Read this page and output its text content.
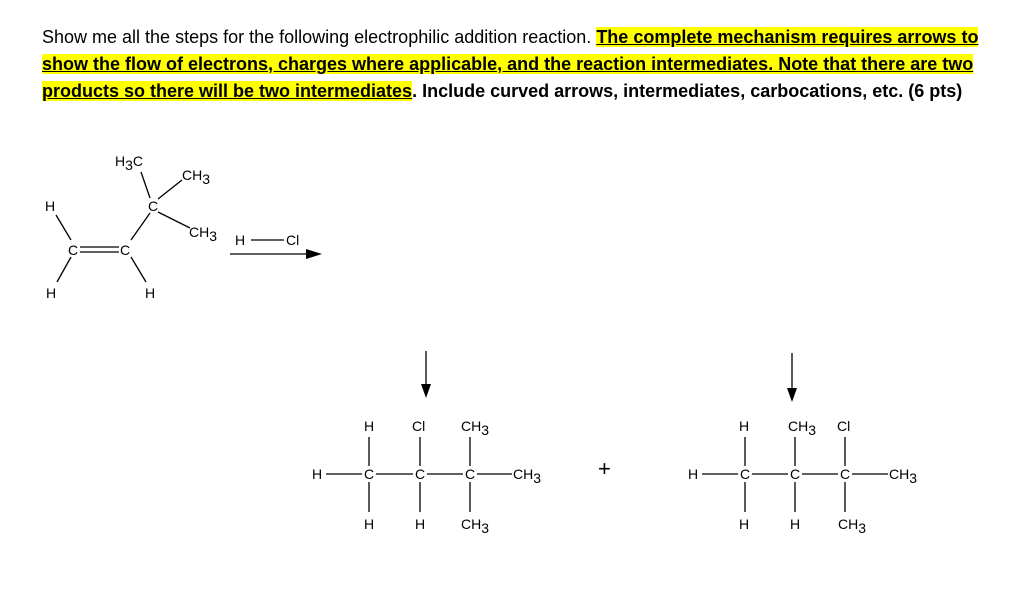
Show me all the steps for the following electrophilic addition reaction. The complete mechanism requires arrows to show the flow of electrons, charges where applicable, and the reaction intermediates. Note that there are two products so there will be two intermediates. Include curved arrows, intermediates, carbocations, etc. (6 pts)
H3C
CH3
C
CH3
H
C	C
H	H
H	Cl
H	C	C	C	CH3
H	Cl	CH3
H	H	CH3
+	H	C	C	C	CH3
H	CH3 Cl
H	H	CH3
